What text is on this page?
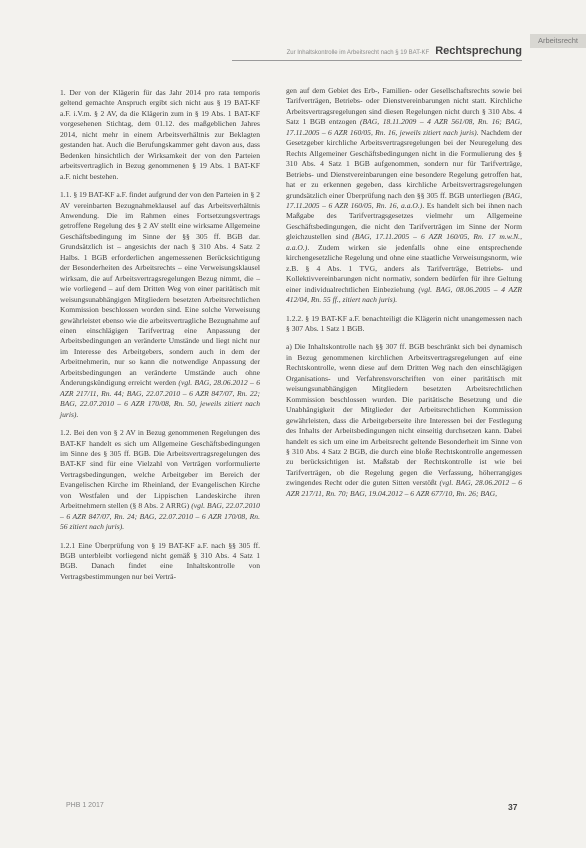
Arbeitsrecht
Zur Inhaltskontrolle im Arbeitsrecht nach § 19 BAT-KF Rechtsprechung

1. Der von der Klägerin für das Jahr 2014 pro rata temporis geltend gemachte Anspruch ergibt sich nicht aus § 19 BAT-KF a.F. i.V.m. § 2 AV, da die Klägerin zum in § 19 Abs. 1 BAT-KF vorgesehenen Stichtag, dem 01.12. des maßgeblichen Jahres 2014, nicht mehr in einem Arbeitsverhältnis zur Beklagten gestanden hat. Auch die Berufungskammer geht davon aus, dass Bedenken hinsichtlich der Wirksamkeit der von den Parteien arbeitsvertraglich in Bezug genommenen § 19 Abs. 1 BAT-KF a.F. nicht bestehen.

1.1. § 19 BAT-KF a.F. findet aufgrund der von den Parteien in § 2 AV vereinbarten Bezugnahmeklausel auf das Arbeitsverhältnis Anwendung. Die im Rahmen eines Fortsetzungsvertrags getroffene Regelung des § 2 AV stellt eine wirksame Allgemeine Geschäftsbedingung im Sinne der §§ 305 ff. BGB dar. Grundsätzlich ist – angesichts der nach § 310 Abs. 4 Satz 2 Halbs. 1 BGB erforderlichen angemessenen Berücksichtigung der Besonderheiten des Arbeitsrechts – eine Verweisungsklausel wirksam, die auf Arbeitsvertragsregelungen Bezug nimmt, die – wie vorliegend – auf dem Dritten Weg von einer paritätisch mit weisungsunabhängigen Mitgliedern besetzten Arbeitsrechtlichen Kommission beschlossen worden sind. Eine solche Verweisung gewährleistet ebenso wie die arbeitsvertragliche Bezugnahme auf einen einschlägigen Tarifvertrag eine Anpassung der Arbeitsbedingungen an veränderte Umstände und liegt nicht nur im Interesse des Arbeitgebers, sondern auch in dem der Arbeitnehmerin, nur so kann die notwendige Anpassung der Arbeitsbedingungen an veränderte Umstände auch ohne Änderungskündigung erreicht werden (vgl. BAG, 28.06.2012 – 6 AZR 217/11, Rn. 44; BAG, 22.07.2010 – 6 AZR 847/07, Rn. 22; BAG, 22.07.2010 – 6 AZR 170/08, Rn. 50, jeweils zitiert nach juris).

1.2. Bei den von § 2 AV in Bezug genommenen Regelungen des BAT-KF handelt es sich um Allgemeine Geschäftsbedingungen im Sinne des § 305 ff. BGB. Die Arbeitsvertragsregelungen des BAT-KF sind für eine Vielzahl von Verträgen vorformulierte Vertragsbedingungen, welche Arbeitgeber im Bereich der Evangelischen Kirche im Rheinland, der Evangelischen Kirche von Westfalen und der Lippischen Landeskirche ihren Arbeitnehmern stellen (§ 8 Abs. 2 ARRG) (vgl. BAG, 22.07.2010 – 6 AZR 847/07, Rn. 24; BAG, 22.07.2010 – 6 AZR 170/08, Rn. 56 zitiert nach juris).

1.2.1 Eine Überprüfung von § 19 BAT-KF a.F. nach §§ 305 ff. BGB unterbleibt vorliegend nicht gemäß § 310 Abs. 4 Satz 1 BGB. Danach findet eine Inhaltskontrolle von Vertragsbestimmungen nur bei Verträ-

gen auf dem Gebiet des Erb-, Familien- oder Gesellschaftsrechts sowie bei Tarifverträgen, Betriebs- oder Dienstvereinbarungen nicht statt. Kirchliche Arbeitsvertragsregelungen sind diesen Regelungen nicht durch § 310 Abs. 4 Satz 1 BGB entzogen (BAG, 18.11.2009 – 4 AZR 561/08, Rn. 16; BAG, 17.11.2005 – 6 AZR 160/05, Rn. 16, jeweils zitiert nach juris). Nachdem der Gesetzgeber kirchliche Arbeitsvertragsregelungen bei der Neuregelung des Rechts Allgemeiner Geschäftsbedingungen nicht in die Formulierung des § 310 Abs. 4 Satz 1 BGB aufgenommen, sondern nur für Tarifverträge, Betriebs- und Dienstvereinbarungen eine besondere Regelung getroffen hat, hat er zu erkennen gegeben, dass kirchliche Arbeitsvertragsregelungen grundsätzlich einer Überprüfung nach den §§ 305 ff. BGB unterliegen (BAG, 17.11.2005 – 6 AZR 160/05, Rn. 16, a.a.O.). Es handelt sich bei ihnen nach Maßgabe des Tarifvertragsgesetzes vielmehr um Allgemeine Geschäftsbedingungen, die nicht den Tarifverträgen im Sinne der Norm gleichzustellen sind (BAG, 17.11.2005 – 6 AZR 160/05, Rn. 17 m.w.N., a.a.O.). Zudem wirken sie jedenfalls ohne eine entsprechende kirchengesetzliche Regelung und ohne eine staatliche Verweisungsnorm, wie z.B. § 4 Abs. 1 TVG, anders als Tarifverträge, Betriebs- und Kollektivvereinbarungen nicht normativ, sondern bedürfen für ihre Geltung einer individualrechtlichen Einbeziehung (vgl. BAG, 08.06.2005 – 4 AZR 412/04, Rn. 55 ff., zitiert nach juris).

1.2.2. § 19 BAT-KF a.F. benachteiligt die Klägerin nicht unangemessen nach § 307 Abs. 1 Satz 1 BGB.

a) Die Inhaltskontrolle nach §§ 307 ff. BGB beschränkt sich bei dynamisch in Bezug genommenen kirchlichen Arbeitsvertragsregelungen auf eine Rechtskontrolle, wenn diese auf dem Dritten Weg nach den einschlägigen Organisations- und Verfahrensvorschriften von einer paritätisch mit weisungsunabhängigen Mitgliedern besetzten Arbeitsrechtlichen Kommission beschlossen wurden. Die paritätische Besetzung und die Unabhängigkeit der Mitglieder der Arbeitsrechtlichen Kommission gewährleisten, dass die Arbeitgeberseite ihre Interessen bei der Festlegung des Inhalts der Arbeitsbedingungen nicht einseitig durchsetzen kann. Dabei handelt es sich um eine im Arbeitsrecht geltende Besonderheit im Sinne von § 310 Abs. 4 Satz 2 BGB, die durch eine bloße Rechtskontrolle angemessen zu berücksichtigen ist. Maßstab der Rechtskontrolle ist wie bei Tarifverträgen, ob die Regelung gegen die Verfassung, höherrangiges zwingendes Recht oder die guten Sitten verstößt (vgl. BAG, 28.06.2012 – 6 AZR 217/11, Rn. 70; BAG, 19.04.2012 – 6 AZR 677/10, Rn. 26; BAG,

PHB 1 2017	37
